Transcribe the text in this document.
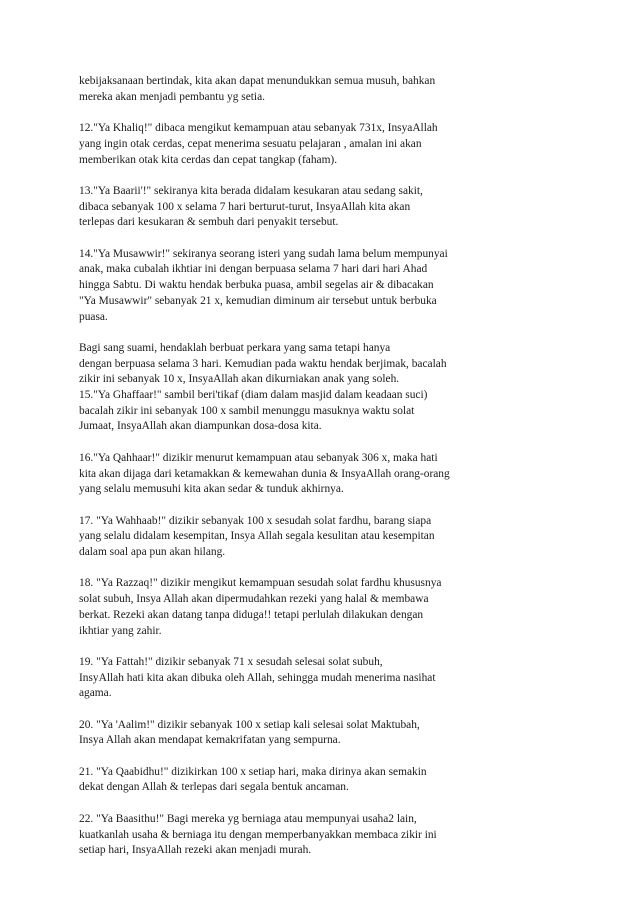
kebijaksanaan bertindak, kita akan dapat menundukkan semua musuh, bahkan
mereka akan menjadi pembantu yg setia.

12."Ya Khaliq!" dibaca mengikut kemampuan atau sebanyak 731x, InsyaAllah
yang ingin otak cerdas, cepat menerima sesuatu pelajaran , amalan ini akan
memberikan otak kita cerdas dan cepat tangkap (faham).

13."Ya Baarii'!" sekiranya kita berada didalam kesukaran atau sedang sakit,
dibaca sebanyak 100 x selama 7 hari berturut-turut, InsyaAllah kita akan
terlepas dari kesukaran & sembuh dari penyakit tersebut.

14."Ya Musawwir!" sekiranya seorang isteri yang sudah lama belum mempunyai
anak, maka cubalah ikhtiar ini dengan berpuasa selama 7 hari dari hari Ahad
hingga Sabtu. Di waktu hendak berbuka puasa, ambil segelas air & dibacakan
"Ya Musawwir" sebanyak 21 x, kemudian diminum air tersebut untuk berbuka
puasa.

Bagi sang suami, hendaklah berbuat perkara yang sama tetapi hanya
dengan berpuasa selama 3 hari. Kemudian pada waktu hendak berjimak, bacalah
zikir ini sebanyak 10 x, InsyaAllah akan dikurniakan anak yang soleh.
15."Ya Ghaffaar!" sambil beri'tikaf (diam dalam masjid dalam keadaan suci)
bacalah zikir ini sebanyak 100 x sambil menunggu masuknya waktu solat
Jumaat, InsyaAllah akan diampunkan dosa-dosa kita.

16."Ya Qahhaar!" dizikir menurut kemampuan atau sebanyak 306 x, maka hati
kita akan dijaga dari ketamakkan & kemewahan dunia & InsyaAllah orang-orang
yang selalu memusuhi kita akan sedar & tunduk akhirnya.

17. "Ya Wahhaab!" dizikir sebanyak 100 x sesudah solat fardhu, barang siapa
yang selalu didalam kesempitan, Insya Allah segala kesulitan atau kesempitan
dalam soal apa pun akan hilang.

18. "Ya Razzaq!" dizikir mengikut kemampuan sesudah solat fardhu khususnya
solat subuh, Insya Allah akan dipermudahkan rezeki yang halal & membawa
berkat. Rezeki akan datang tanpa diduga!! tetapi perlulah dilakukan dengan
ikhtiar yang zahir.

19. "Ya Fattah!" dizikir sebanyak 71 x sesudah selesai solat subuh,
InsyAllah hati kita akan dibuka oleh Allah, sehingga mudah menerima nasihat
agama.

20. "Ya 'Aalim!" dizikir sebanyak 100 x setiap kali selesai solat Maktubah,
Insya Allah akan mendapat kemakrifatan yang sempurna.

21. "Ya Qaabidhu!" dizikirkan 100 x setiap hari, maka dirinya akan semakin
dekat dengan Allah & terlepas dari segala bentuk ancaman.

22. "Ya Baasithu!" Bagi mereka yg berniaga atau mempunyai usaha2 lain,
kuatkanlah usaha & berniaga itu dengan memperbanyakkan membaca zikir ini
setiap hari, InsyaAllah rezeki akan menjadi murah.
